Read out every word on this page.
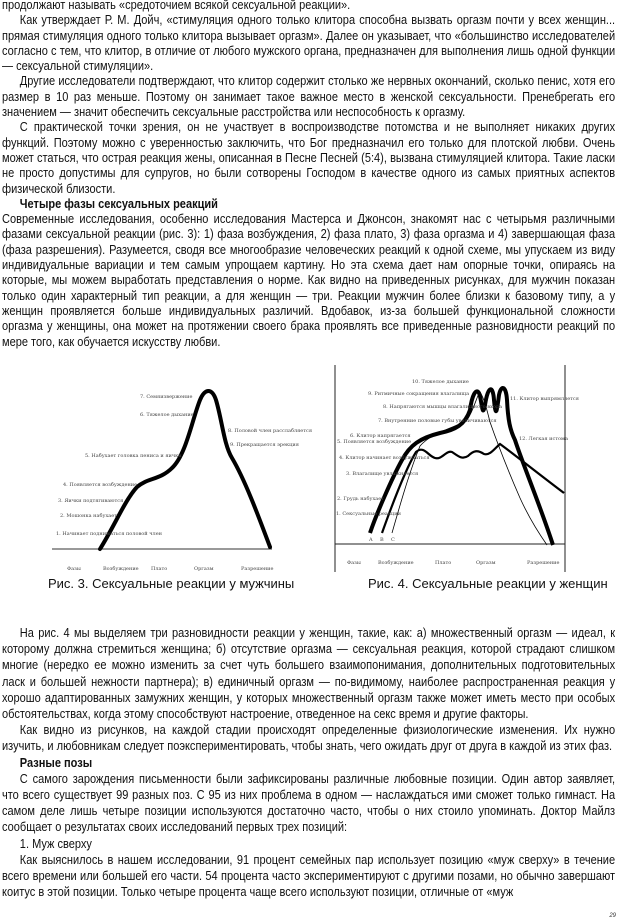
продолжают называть «средоточием всякой сексуальной реакции».

Как утверждает Р. М. Дойч, «стимуляция одного только клитора способна вызвать оргазм почти у всех женщин... прямая стимуляция одного только клитора вызывает оргазм». Далее он указывает, что «большинство исследователей согласно с тем, что клитор, в отличие от любого мужского органа, предназначен для выполнения лишь одной функции — сексуальной стимуляции».

Другие исследователи подтверждают, что клитор содержит столько же нервных окончаний, сколько пенис, хотя его размер в 10 раз меньше. Поэтому он занимает такое важное место в женской сексуальности. Пренебрегать его значением — значит обеспечить сексуальные расстройства или неспособность к оргазму.

С практической точки зрения, он не участвует в воспроизводстве потомства и не выполняет никаких других функций. Поэтому можно с уверенностью заключить, что Бог предназначил его только для плотской любви. Очень может статься, что острая реакция жены, описанная в Песне Песней (5:4), вызвана стимуляцией клитора. Такие ласки не просто допустимы для супругов, но были сотворены Господом в качестве одного из самых приятных аспектов физической близости.

Четыре фазы сексуальных реакций

Современные исследования, особенно исследования Мастерса и Джонсон, знакомят нас с четырьмя различными фазами сексуальной реакции (рис. 3): 1) фаза возбуждения, 2) фаза плато, 3) фаза оргазма и 4) завершающая фаза (фаза разрешения). Разумеется, сводя все многообразие человеческих реакций к одной схеме, мы упускаем из виду индивидуальные вариации и тем самым упрощаем картину. Но эта схема дает нам опорные точки, опираясь на которые, мы можем выработать представления о норме. Как видно на приведенных рисунках, для мужчин показан только один характерный тип реакции, а для женщин — три. Реакции мужчин более близки к базовому типу, а у женщин проявляется больше индивидуальных различий. Вдобавок, из-за большей функциональной сложности оргазма у женщины, она может на протяжении своего брака проявлять все приведенные разновидности реакций по мере того, как обучается искусству любви.

1. Начинает подниматься половой член
2. Мошонка набухает
3. Яички подтягиваются
4. Появляется возбуждение
5. Набухает головка пениса и яички
6. Тяжелое дыхание
7. Семяизвержение
8. Половой член расслабляется
9. Прекращается эрекция
Фазы	Возбуждение Плато	Оргазм	Разрешение
Рис. 3. Сексуальные реакции у мужчины
A B C
1. Сексуальные реакции
2. Грудь набухает
3. Влагалище увлажняется
4. Клитор начинает возбуждаться
5. Появляется возбуждение
6. Клитор напрягается
7. Внутренние половые губы увеличиваются
8. Напрягаются мышцы влагалищного входа
9. Ритмичные сокращения влагалища
10. Тяжелое дыхание
11. Клитор выпрямляется
12. Легкая истома
Фазы	Возбуждение	Плато	Оргазм	Разрешение
Рис. 4. Сексуальные реакции у женщин

На рис. 4 мы выделяем три разновидности реакции у женщин, такие, как: а) множественный оргазм — идеал, к которому должна стремиться женщина; б) отсутствие оргазма — сексуальная реакция, которой страдают слишком многие (нередко ее можно изменить за счет чуть большего взаимопонимания, дополнительных подготовительных ласк и большей нежности партнера); в) единичный оргазм — по-видимому, наиболее распространенная реакция у хорошо адаптированных замужних женщин, у которых множественный оргазм также может иметь место при особых обстоятельствах, когда этому способствуют настроение, отведенное на секс время и другие факторы.

Как видно из рисунков, на каждой стадии происходят определенные физиологические изменения. Их нужно изучить, и любовникам следует поэкспериментировать, чтобы знать, чего ожидать друг от друга в каждой из этих фаз.

Разные позы

С самого зарождения письменности были зафиксированы различные любовные позиции. Один автор заявляет, что всего существует 99 разных поз. С 95 из них проблема в одном — наслаждаться ими сможет только гимнаст. На самом деле лишь четыре позиции используются достаточно часто, чтобы о них стоило упоминать. Доктор Майлз сообщает о результатах своих исследований первых трех позиций:

1. Муж сверху

Как выяснилось в нашем исследовании, 91 процент семейных пар использует позицию «муж сверху» в течение всего времени или большей его части. 54 процента часто экспериментируют с другими позами, но обычно завершают коитус в этой позиции. Только четыре процента чаще всего используют позиции, отличные от «муж

29
